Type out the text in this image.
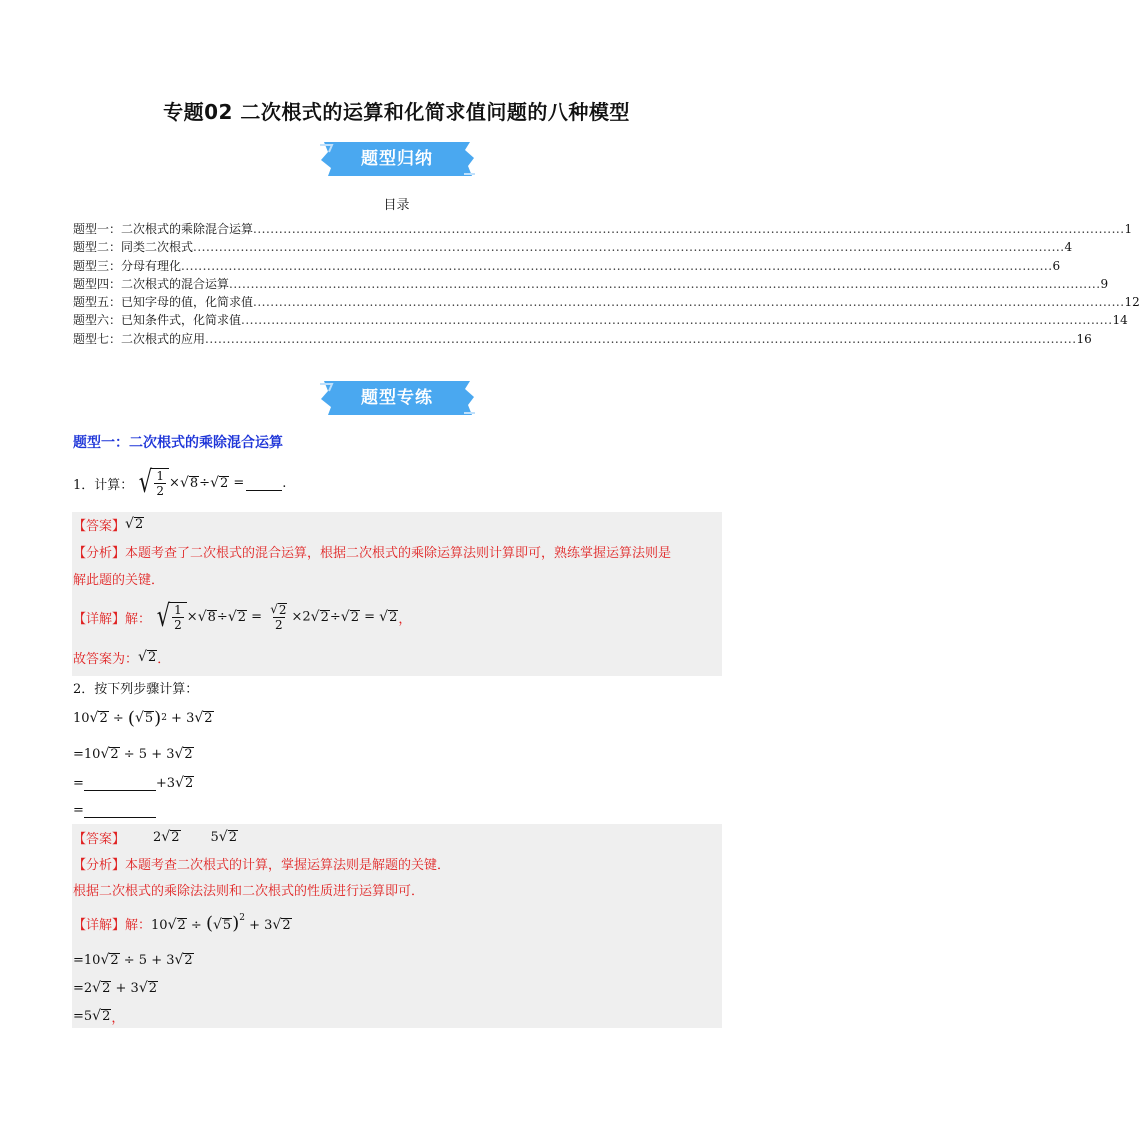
专题02 二次根式的运算和化简求值问题的八种模型
题型归纳
目录
题型一：二次根式的乘除混合运算 .......................................................................................................................................................................................................... 1
题型二：同类二次根式 .......................................................................................................................................................................................................... 4
题型三：分母有理化 .......................................................................................................................................................................................................... 6
题型四：二次根式的混合运算 .......................................................................................................................................................................................................... 9
题型五：已知字母的值，化简求值 .......................................................................................................................................................................................................... 12
题型六：已知条件式，化简求值 .......................................................................................................................................................................................................... 14
题型七：二次根式的应用 .......................................................................................................................................................................................................... 16
题型专练
题型一：二次根式的乘除混合运算
1．计算： √ $\frac{1}{2}$ × √ 8 ÷ √ 2 =	.
【答案】 √ 2
【分析】 本题考查了二次根式的混合运算，根据二次根式的乘除运算法则计算即可，熟练掌握运算法则是
解此题的关键．
【详解】 解： √ $\frac{1}{2}$ × √ 8 ÷ √ $2 = \frac{√ 2}{2} \times 2$ √ 2 ÷ √ 2 = √ 2 ，
故答案为： √ 2 ．
2．按下列步骤计算：
10 √ 2 ÷ ( √ 5 ) 2 + 3 √ 2
=10 √ 2 ÷ 5 + 3 √ 2
=	+3 √ 2
=
【答案】 2 √ 2 5 √ 2
【分析】 本题考查二次根式的计算，掌握运算法则是解题的关键．
根据二次根式的乘除法法则和二次根式的性质进行运算即可．
【详解】 解： 10 √ 2 ÷ ( √ 5 )$^2$ + 3 √ 2
=10 √ 2 ÷ 5 + 3 √ 2
=2 √ 2 + 3 √ 2
=5 √ 2 ，
